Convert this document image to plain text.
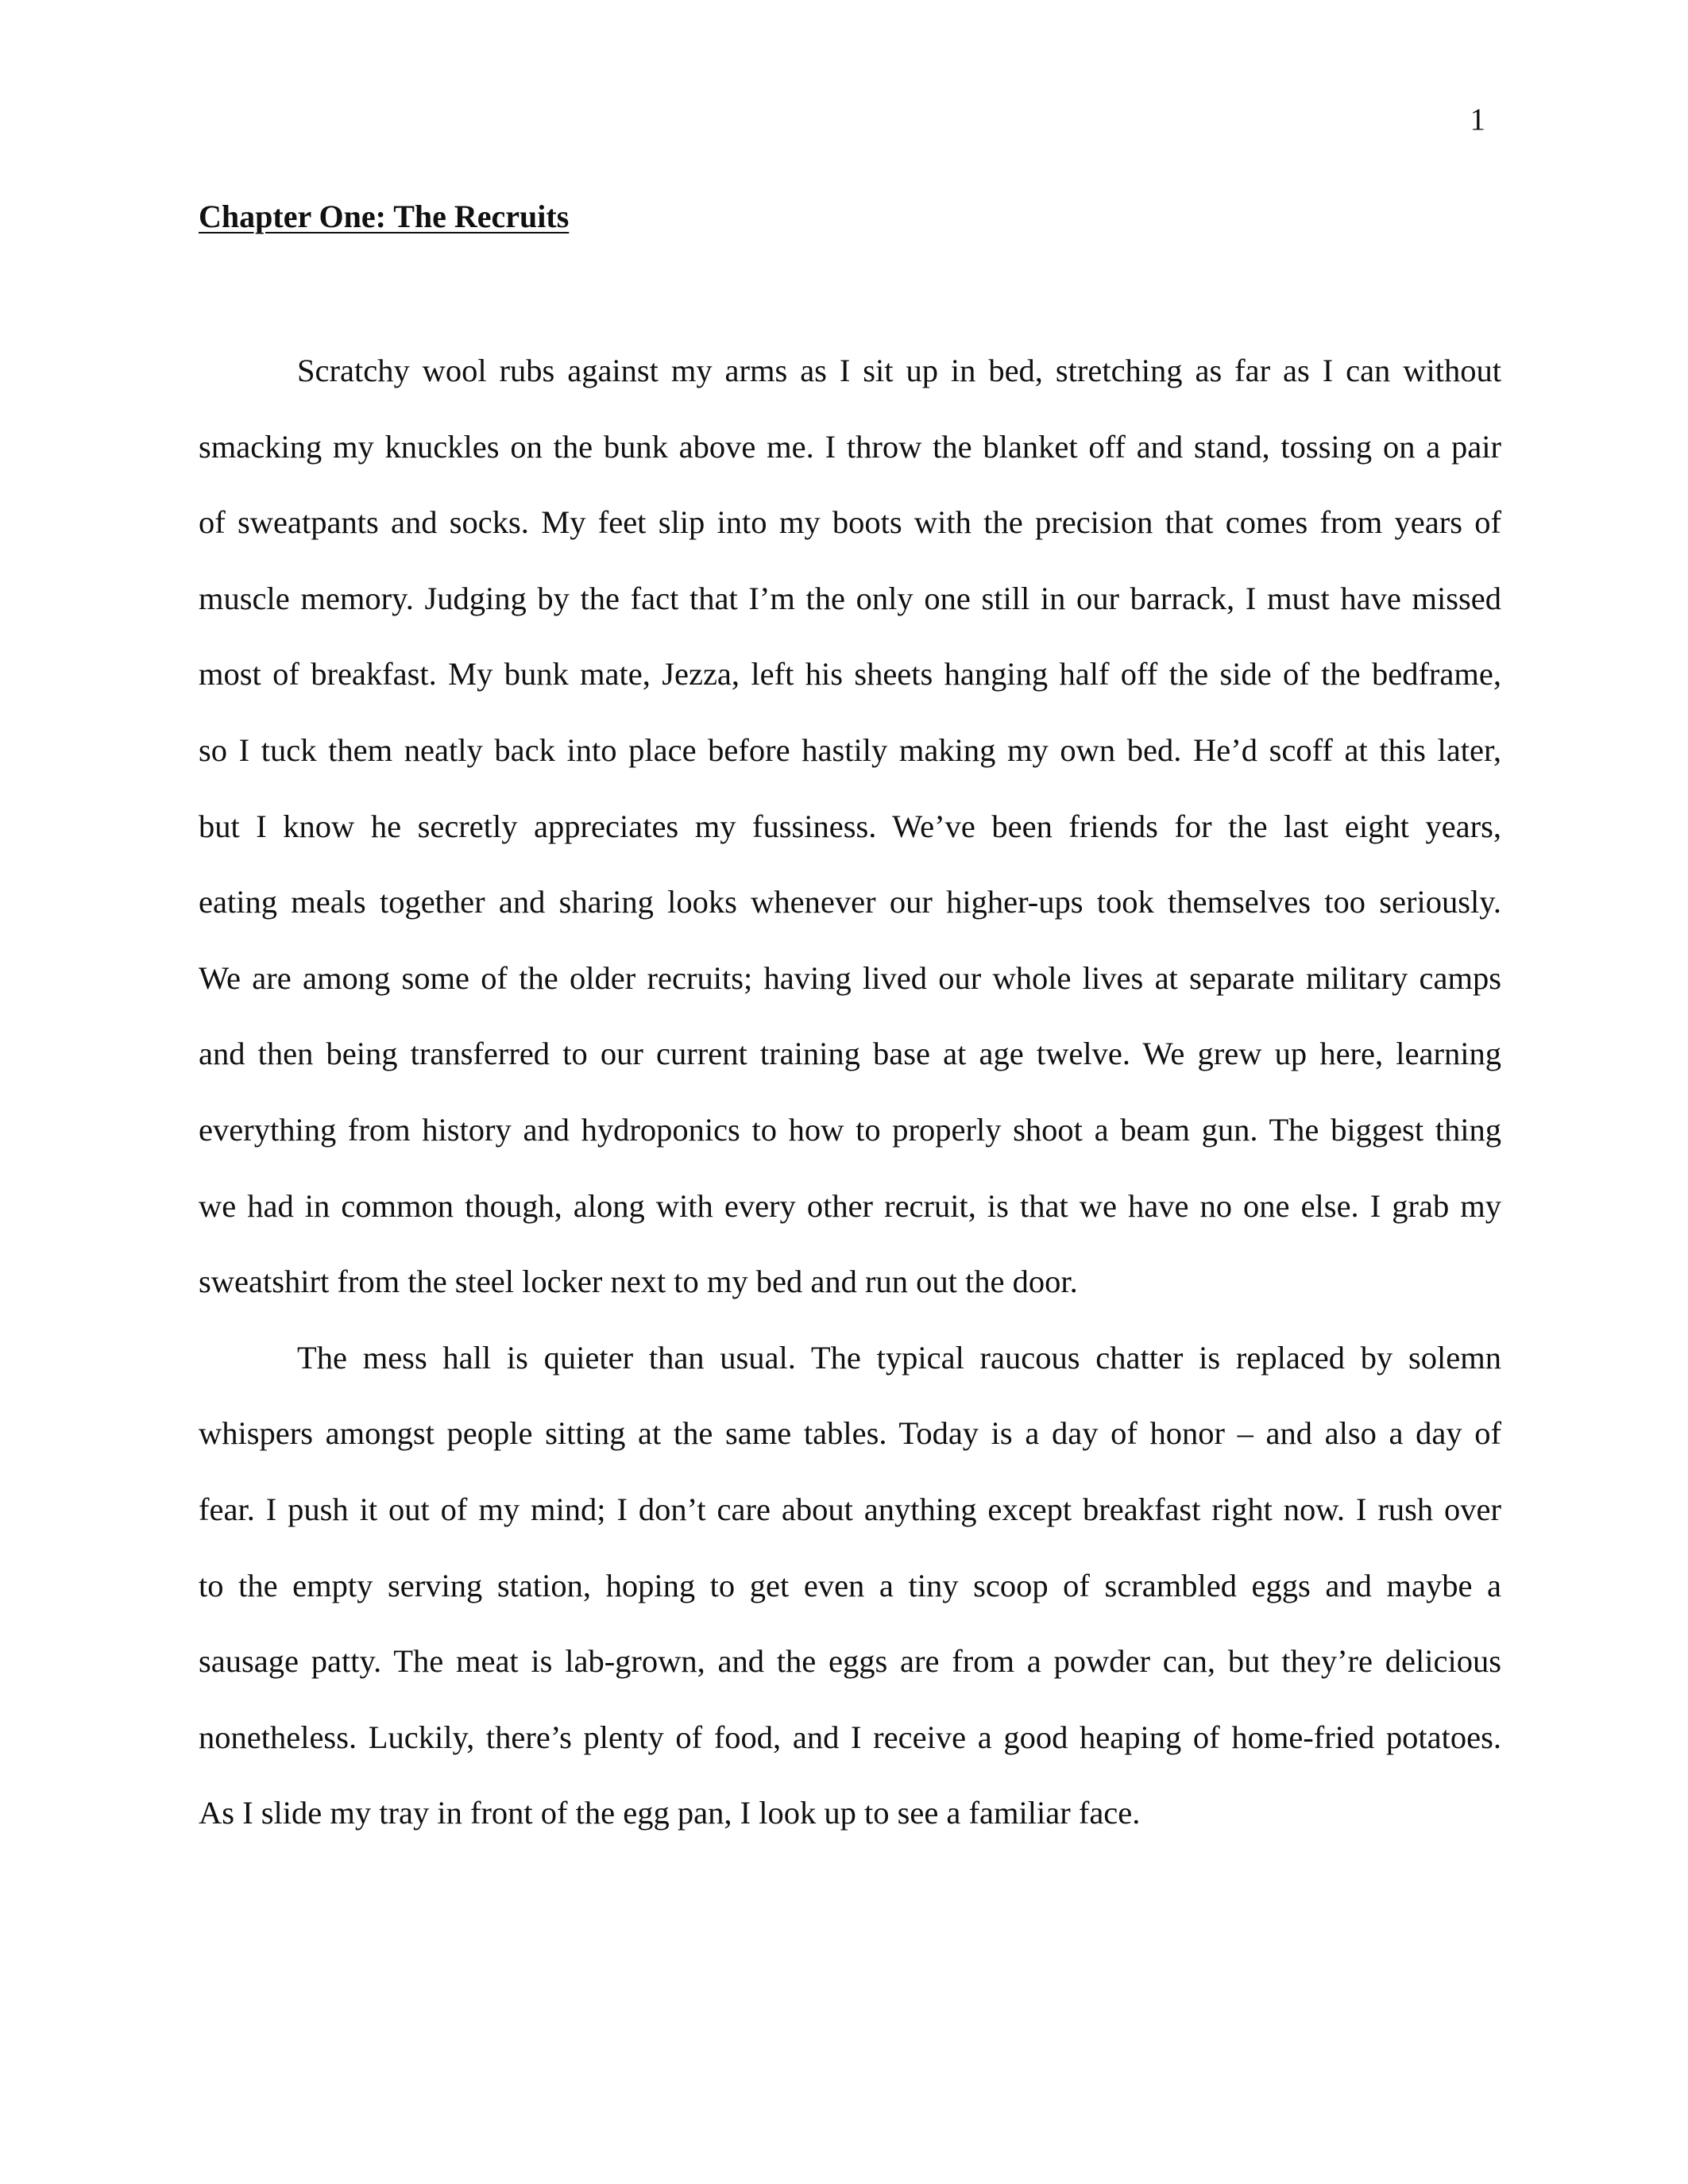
1
Chapter One: The Recruits
Scratchy wool rubs against my arms as I sit up in bed, stretching as far as I can without
smacking my knuckles on the bunk above me. I throw the blanket off and stand, tossing on a pair
of sweatpants and socks. My feet slip into my boots with the precision that comes from years of
muscle memory. Judging by the fact that I’m the only one still in our barrack, I must have missed
most of breakfast. My bunk mate, Jezza, left his sheets hanging half off the side of the bedframe,
so I tuck them neatly back into place before hastily making my own bed. He’d scoff at this later,
but I know he secretly appreciates my fussiness. We’ve been friends for the last eight years,
eating meals together and sharing looks whenever our higher-ups took themselves too seriously.
We are among some of the older recruits; having lived our whole lives at separate military camps
and then being transferred to our current training base at age twelve. We grew up here, learning
everything from history and hydroponics to how to properly shoot a beam gun. The biggest thing
we had in common though, along with every other recruit, is that we have no one else. I grab my
sweatshirt from the steel locker next to my bed and run out the door.
The mess hall is quieter than usual. The typical raucous chatter is replaced by solemn
whispers amongst people sitting at the same tables. Today is a day of honor – and also a day of
fear. I push it out of my mind; I don’t care about anything except breakfast right now. I rush over
to the empty serving station, hoping to get even a tiny scoop of scrambled eggs and maybe a
sausage patty. The meat is lab-grown, and the eggs are from a powder can, but they’re delicious
nonetheless. Luckily, there’s plenty of food, and I receive a good heaping of home-fried potatoes.
As I slide my tray in front of the egg pan, I look up to see a familiar face.
